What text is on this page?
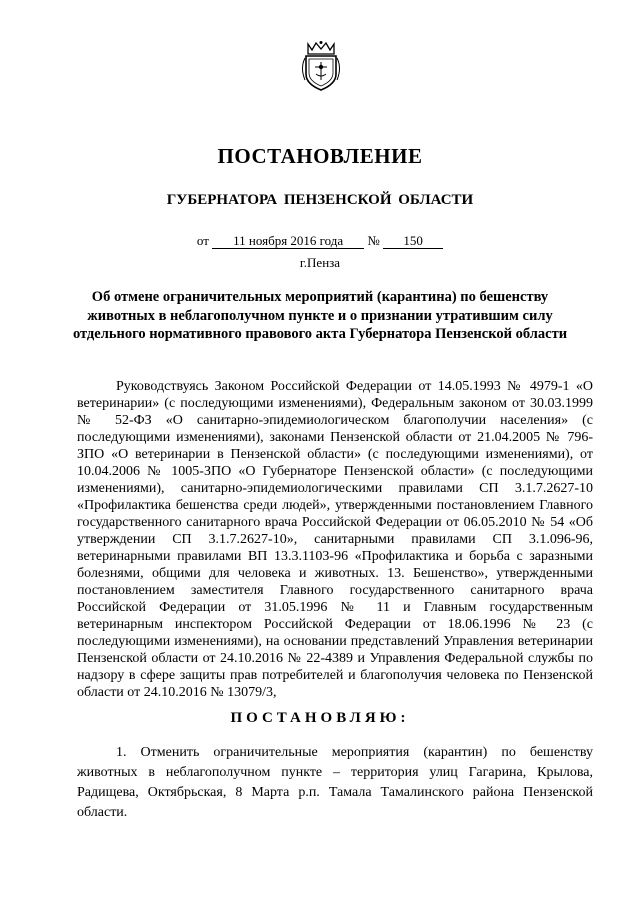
ПОСТАНОВЛЕНИЕ
ГУБЕРНАТОРА ПЕНЗЕНСКОЙ ОБЛАСТИ
от 11 ноября 2016 года № 150
г.Пенза
Об отмене ограничительных мероприятий (карантина) по бешенству животных в неблагополучном пункте и о признании утратившим силу отдельного нормативного правового акта Губернатора Пензенской области

Руководствуясь Законом Российской Федерации от 14.05.1993 № 4979-1 «О ветеринарии» (с последующими изменениями), Федеральным законом от 30.03.1999 № 52-ФЗ «О санитарно-эпидемиологическом благополучии населения» (с последующими изменениями), законами Пензенской области от 21.04.2005 № 796-ЗПО «О ветеринарии в Пензенской области» (с последующими изменениями), от 10.04.2006 № 1005-ЗПО «О Губернаторе Пензенской области» (с последующими изменениями), санитарно-эпидемиологическими правилами СП 3.1.7.2627-10 «Профилактика бешенства среди людей», утвержденными постановлением Главного государственного санитарного врача Российской Федерации от 06.05.2010 № 54 «Об утверждении СП 3.1.7.2627-10», санитарными правилами СП 3.1.096-96, ветеринарными правилами ВП 13.3.1103-96 «Профилактика и борьба с заразными болезнями, общими для человека и животных. 13. Бешенство», утвержденными постановлением заместителя Главного государственного санитарного врача Российской Федерации от 31.05.1996 № 11 и Главным государственным ветеринарным инспектором Российской Федерации от 18.06.1996 № 23 (с последующими изменениями), на основании представлений Управления ветеринарии Пензенской области от 24.10.2016 № 22-4389 и Управления Федеральной службы по надзору в сфере защиты прав потребителей и благополучия человека по Пензенской области от 24.10.2016 № 13079/3,

ПОСТАНОВЛЯЮ:

1. Отменить ограничительные мероприятия (карантин) по бешенству животных в неблагополучном пункте – территория улиц Гагарина, Крылова, Радищева, Октябрьская, 8 Марта р.п. Тамала Тамалинского района Пензенской области.
